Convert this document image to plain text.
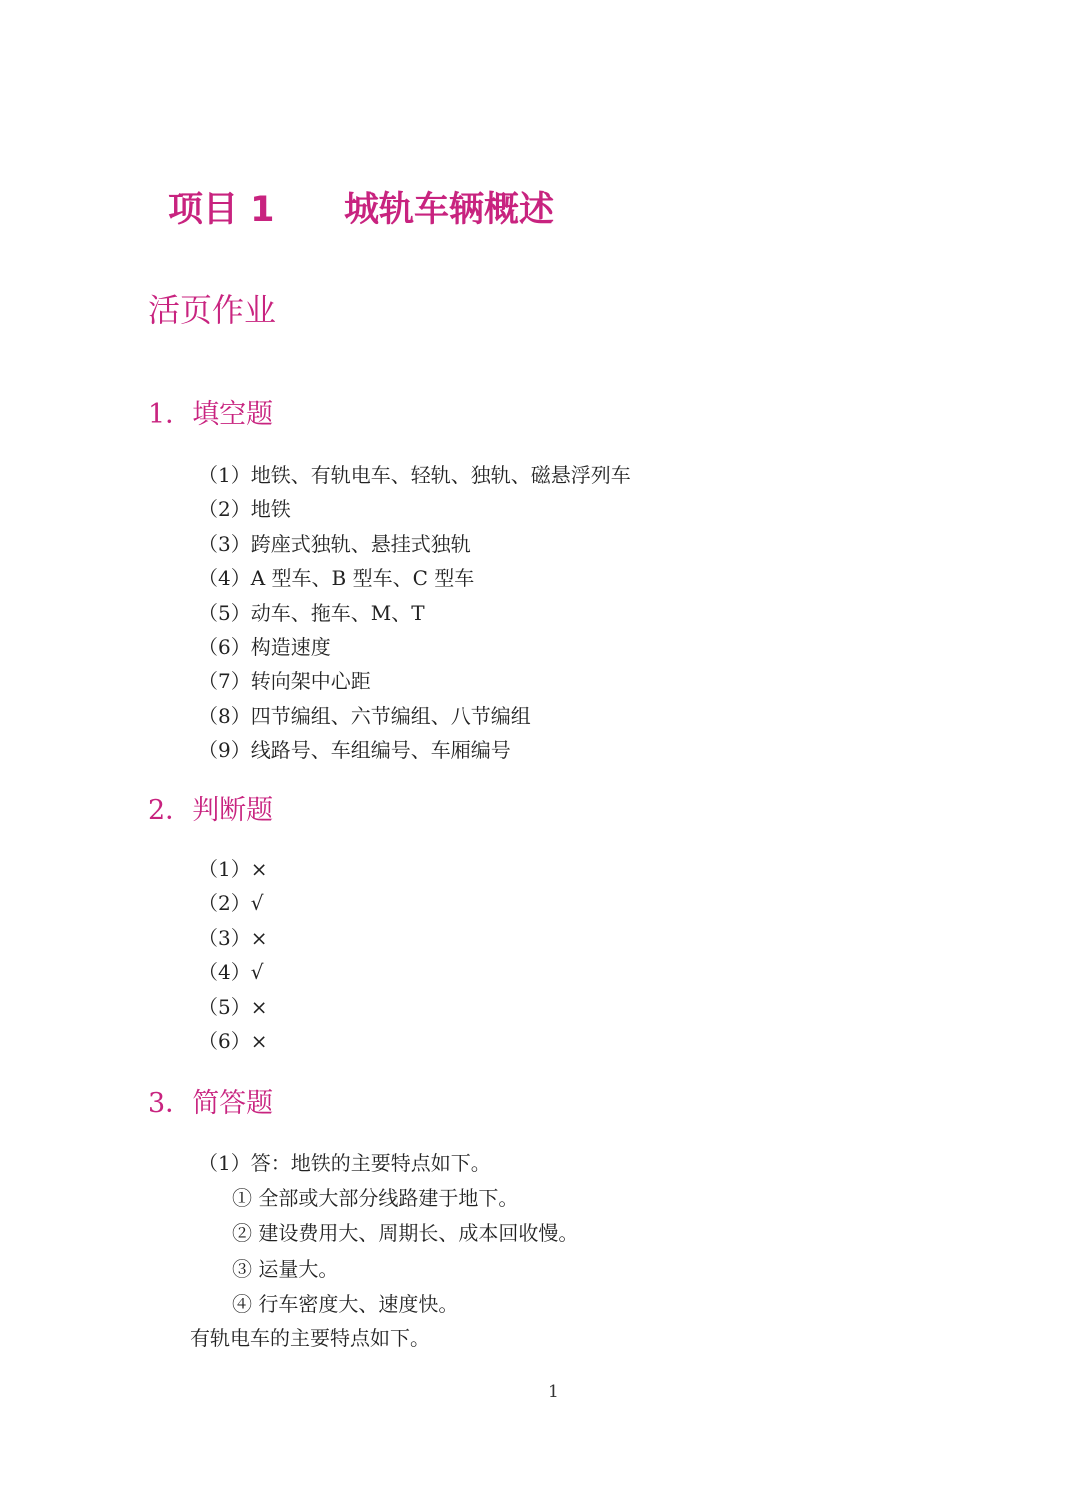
项目 1 城轨车辆概述
活页作业
1．填空题
（1）地铁、有轨电车、轻轨、独轨、磁悬浮列车
（2）地铁
（3）跨座式独轨、悬挂式独轨
（4）A 型车、B 型车、C 型车
（5）动车、拖车、M、T
（6）构造速度
（7）转向架中心距
（8）四节编组、六节编组、八节编组
（9）线路号、车组编号、车厢编号
2．判断题
（1）×
（2）√
（3）×
（4）√
（5）×
（6）×
3．简答题
（1）答：地铁的主要特点如下。
① 全部或大部分线路建于地下。
② 建设费用大、周期长、成本回收慢。
③ 运量大。
④ 行车密度大、速度快。
有轨电车的主要特点如下。
1
